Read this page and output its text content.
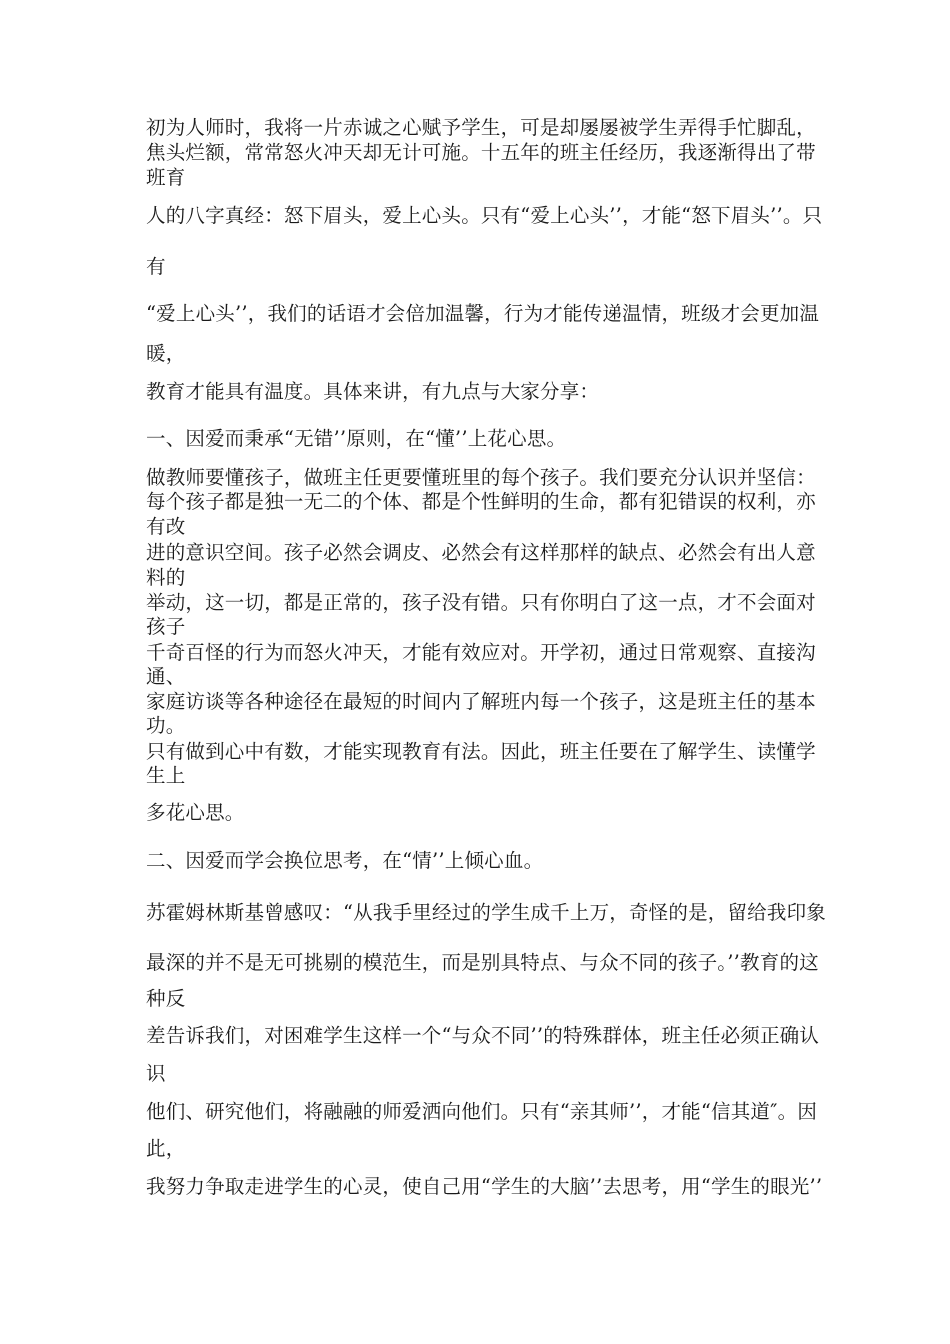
初为人师时，我将一片赤诚之心赋予学生，可是却屡屡被学生弄得手忙脚乱，
焦头烂额，常常怒火冲天却无计可施。十五年的班主任经历，我逐渐得出了带
班育
人的八字真经：怒下眉头，爱上心头。只有“爱上心头’’，才能“怒下眉头’’。只
有
“爱上心头’’，我们的话语才会倍加温馨，行为才能传递温情，班级才会更加温
暖，
教育才能具有温度。具体来讲，有九点与大家分享：
一、因爱而秉承“无错’’原则，在“懂’’上花心思。
做教师要懂孩子，做班主任更要懂班里的每个孩子。我们要充分认识并坚信：
每个孩子都是独一无二的个体、都是个性鲜明的生命，都有犯错误的权利，亦
有改
进的意识空间。孩子必然会调皮、必然会有这样那样的缺点、必然会有出人意
料的
举动，这一切，都是正常的，孩子没有错。只有你明白了这一点，才不会面对
孩子
千奇百怪的行为而怒火冲天，才能有效应对。开学初，通过日常观察、直接沟
通、
家庭访谈等各种途径在最短的时间内了解班内每一个孩子，这是班主任的基本
功。
只有做到心中有数，才能实现教育有法。因此，班主任要在了解学生、读懂学
生上
多花心思。
二、因爱而学会换位思考，在“情’’上倾心血。
苏霍姆林斯基曾感叹：“从我手里经过的学生成千上万，奇怪的是，留给我印象
最深的并不是无可挑剔的模范生，而是别具特点、与众不同的孩子。’’教育的这
种反
差告诉我们，对困难学生这样一个“与众不同’’的特殊群体，班主任必须正确认
识
他们、研究他们，将融融的师爱洒向他们。只有“亲其师’’，才能“信其道″。因
此，
我努力争取走进学生的心灵，使自己用“学生的大脑’’去思考，用“学生的眼光’’
